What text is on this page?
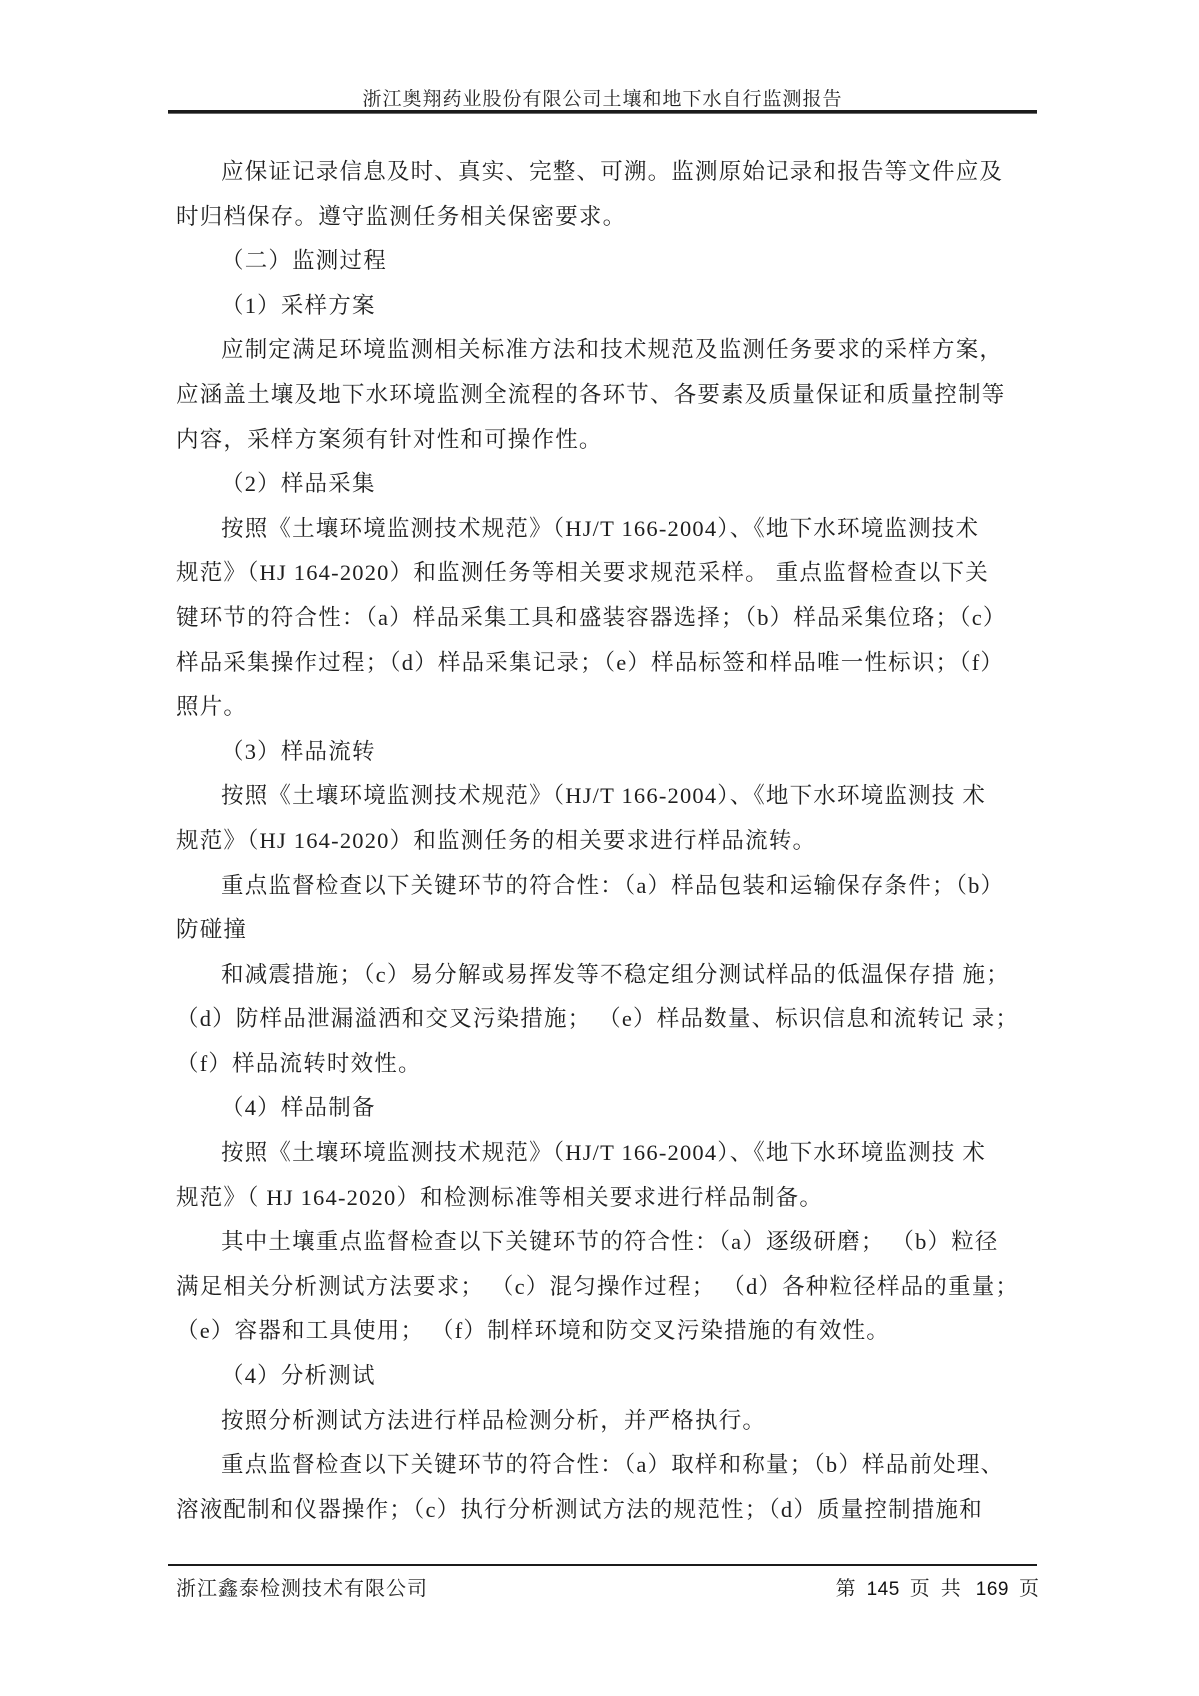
浙江奥翔药业股份有限公司土壤和地下水自行监测报告
应保证记录信息及时、真实、完整、可溯。监测原始记录和报告等文件应及
时归档保存。遵守监测任务相关保密要求。
（二）监测过程
（1）采样方案
应制定满足环境监测相关标准方法和技术规范及监测任务要求的采样方案，
应涵盖土壤及地下水环境监测全流程的各环节、各要素及质量保证和质量控制等
内容，采样方案须有针对性和可操作性。
（2）样品采集
按照《土壤环境监测技术规范》（HJ/T 166-2004）、《地下水环境监测技术
规范》（HJ 164-2020）和监测任务等相关要求规范采样。 重点监督检查以下关
键环节的符合性：（a）样品采集工具和盛装容器选择；（b）样品采集位珞；（c）
样品采集操作过程；（d）样品采集记录；（e）样品标签和样品唯一性标识；（f）
照片。
（3）样品流转
按照《土壤环境监测技术规范》（HJ/T 166-2004）、《地下水环境监测技 术
规范》（HJ 164-2020）和监测任务的相关要求进行样品流转。
重点监督检查以下关键环节的符合性：（a）样品包装和运输保存条件；（b）
防碰撞
和减震措施；（c）易分解或易挥发等不稳定组分测试样品的低温保存措 施；
（d）防样品泄漏溢洒和交叉污染措施； （e）样品数量、标识信息和流转记 录；
（f）样品流转时效性。
（4）样品制备
按照《土壤环境监测技术规范》（HJ/T 166-2004）、《地下水环境监测技 术
规范》（ HJ 164-2020）和检测标准等相关要求进行样品制备。
其中土壤重点监督检查以下关键环节的符合性：（a）逐级研磨； （b）粒径
满足相关分析测试方法要求； （c）混匀操作过程； （d）各种粒径样品的重量；
（e）容器和工具使用； （f）制样环境和防交叉污染措施的有效性。
（4）分析测试
按照分析测试方法进行样品检测分析，并严格执行。
重点监督检查以下关键环节的符合性：（a）取样和称量；（b）样品前处理、
溶液配制和仪器操作；（c）执行分析测试方法的规范性；（d）质量控制措施和
浙江鑫泰检测技术有限公司	第 145 页 共 169 页
